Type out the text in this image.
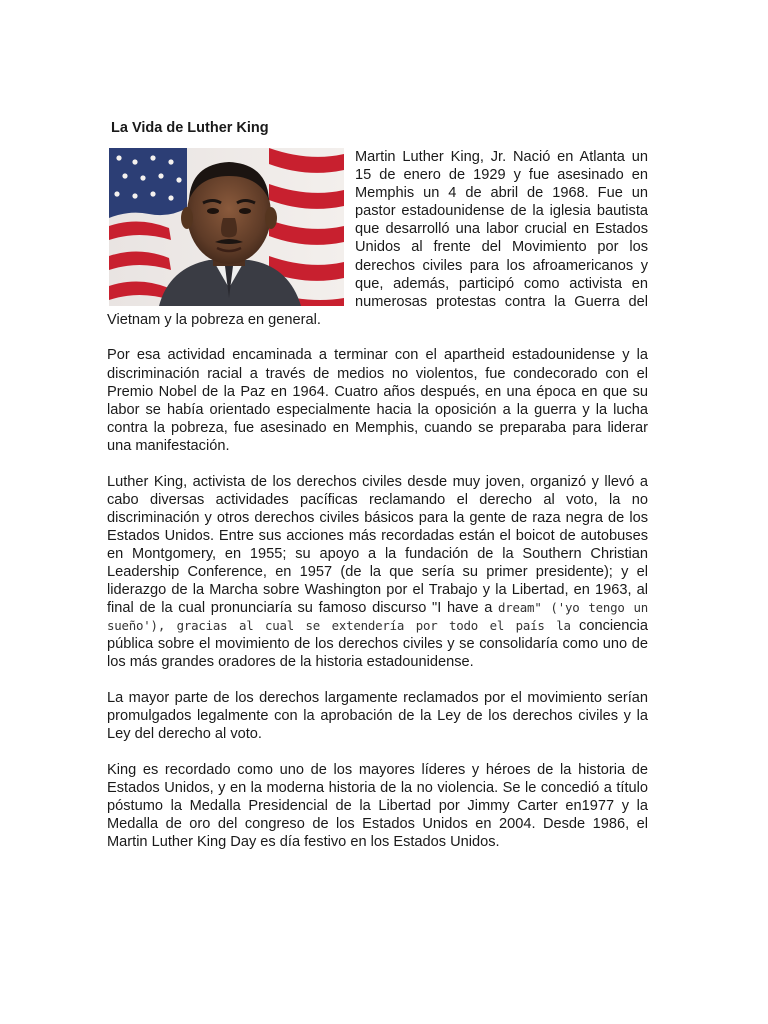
La Vida de Luther King

Martin Luther King, Jr. Nació en Atlanta un 15 de enero de 1929 y fue asesinado en Memphis un 4 de abril de 1968. Fue un pastor estadounidense de la iglesia bautista que desarrolló una labor crucial en Estados Unidos al frente del Movimiento por los derechos civiles para los afroamericanos y que, además, participó como activista en numerosas protestas contra la Guerra del Vietnam y la pobreza en general.

Por esa actividad encaminada a terminar con el apartheid estadounidense y la discriminación racial a través de medios no violentos, fue condecorado con el Premio Nobel de la Paz en 1964. Cuatro años después, en una época en que su labor se había orientado especialmente hacia la oposición a la guerra y la lucha contra la pobreza, fue asesinado en Memphis, cuando se preparaba para liderar una manifestación.

Luther King, activista de los derechos civiles desde muy joven, organizó y llevó a cabo diversas actividades pacíficas reclamando el derecho al voto, la no discriminación y otros derechos civiles básicos para la gente de raza negra de los Estados Unidos. Entre sus acciones más recordadas están el boicot de autobuses en Montgomery, en 1955; su apoyo a la fundación de la Southern Christian Leadership Conference, en 1957 (de la que sería su primer presidente); y el liderazgo de la Marcha sobre Washington por el Trabajo y la Libertad, en 1963, al final de la cual pronunciaría su famoso discurso "I have a dream" ('yo tengo un sueño'), gracias al cual se extendería por todo el país la conciencia pública sobre el movimiento de los derechos civiles y se consolidaría como uno de los más grandes oradores de la historia estadounidense.

La mayor parte de los derechos largamente reclamados por el movimiento serían promulgados legalmente con la aprobación de la Ley de los derechos civiles y la Ley del derecho al voto.

King es recordado como uno de los mayores líderes y héroes de la historia de Estados Unidos, y en la moderna historia de la no violencia. Se le concedió a título póstumo la Medalla Presidencial de la Libertad por Jimmy Carter en1977 y la Medalla de oro del congreso de los Estados Unidos en 2004. Desde 1986, el Martin Luther King Day es día festivo en los Estados Unidos.
